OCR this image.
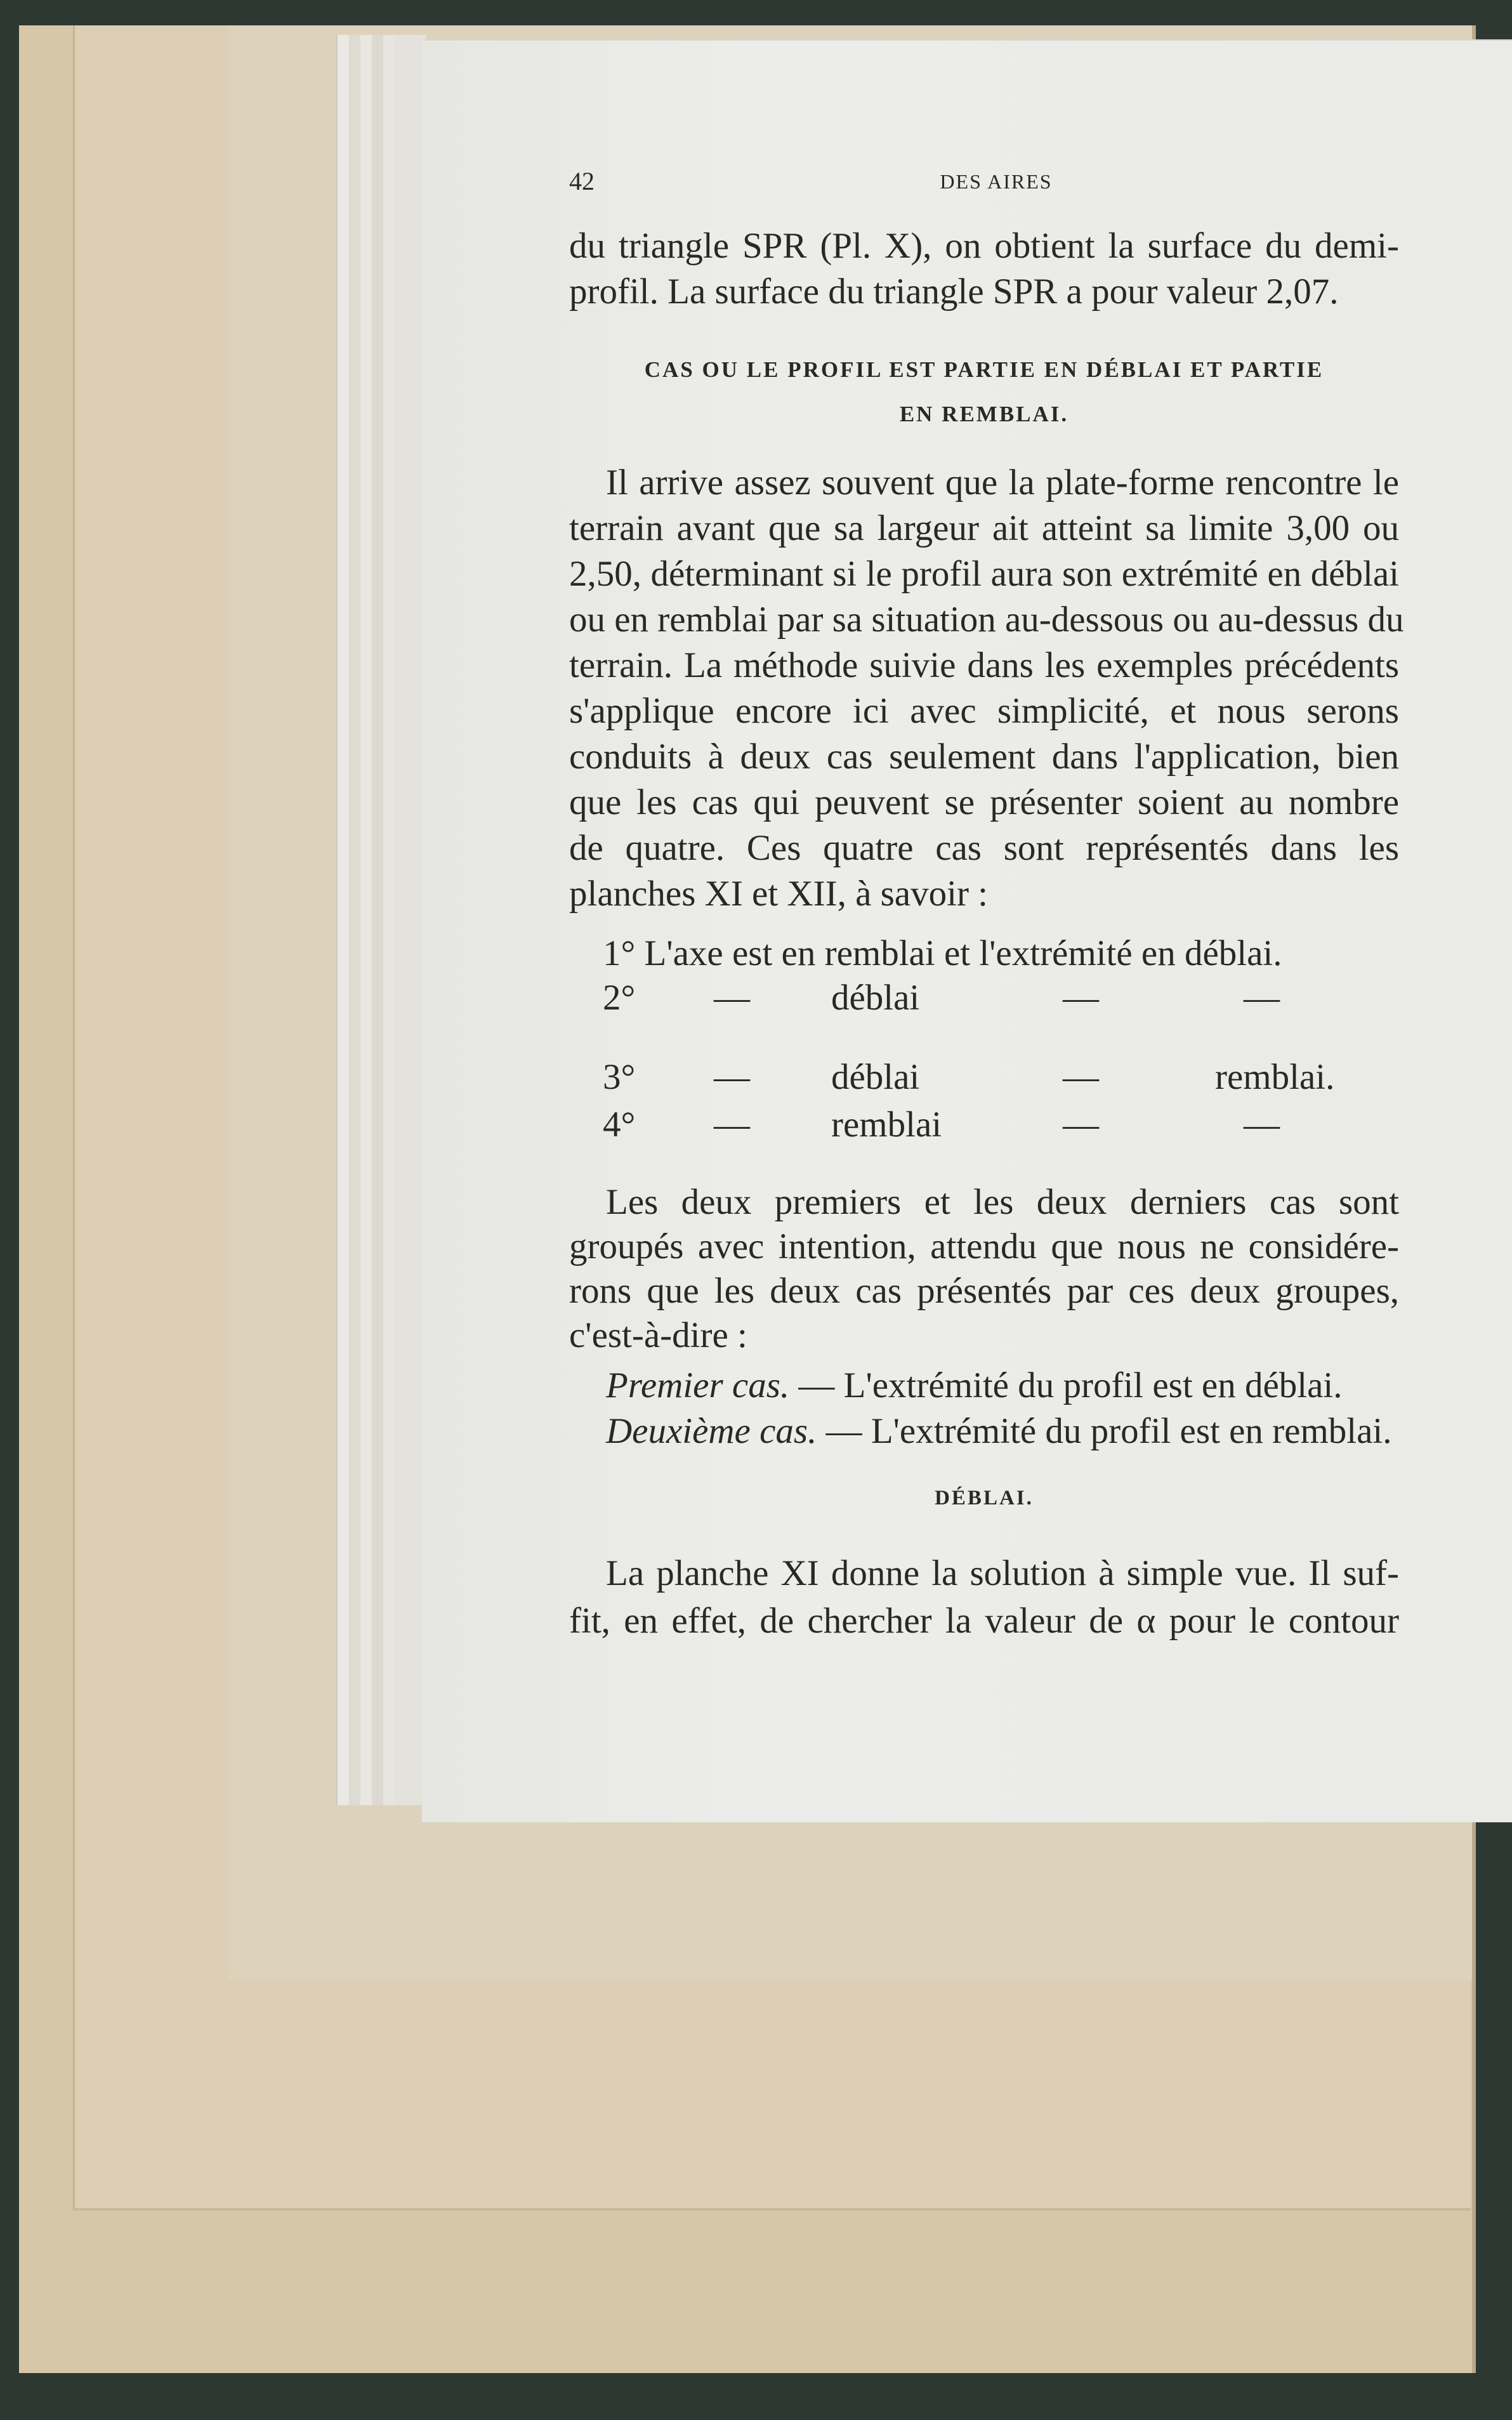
42	DES AIRES
du triangle SPR (Pl. X), on obtient la surface du demi-
profil. La surface du triangle SPR a pour valeur 2,07.
CAS OU LE PROFIL EST PARTIE EN DÉBLAI ET PARTIE
EN REMBLAI.
Il arrive assez souvent que la plate-forme rencontre le
terrain avant que sa largeur ait atteint sa limite 3,00 ou
2,50, déterminant si le profil aura son extrémité en déblai
ou en remblai par sa situation au-dessous ou au-dessus du
terrain. La méthode suivie dans les exemples précédents
s'applique encore ici avec simplicité, et nous serons
conduits à deux cas seulement dans l'application, bien
que les cas qui peuvent se présenter soient au nombre
de quatre. Ces quatre cas sont représentés dans les
planches XI et XII, à savoir :
1° L'axe est en remblai et l'extrémité en déblai.
2° — déblai	—	—
3° — déblai	—	remblai.
4° — remblai	—	—
Les deux premiers et les deux derniers cas sont
groupés avec intention, attendu que nous ne considére-
rons que les deux cas présentés par ces deux groupes,
c'est-à-dire :
Premier cas. — L'extrémité du profil est en déblai.
Deuxième cas. — L'extrémité du profil est en remblai.
DÉBLAI.
La planche XI donne la solution à simple vue. Il suf-
fit, en effet, de chercher la valeur de α pour le contour
